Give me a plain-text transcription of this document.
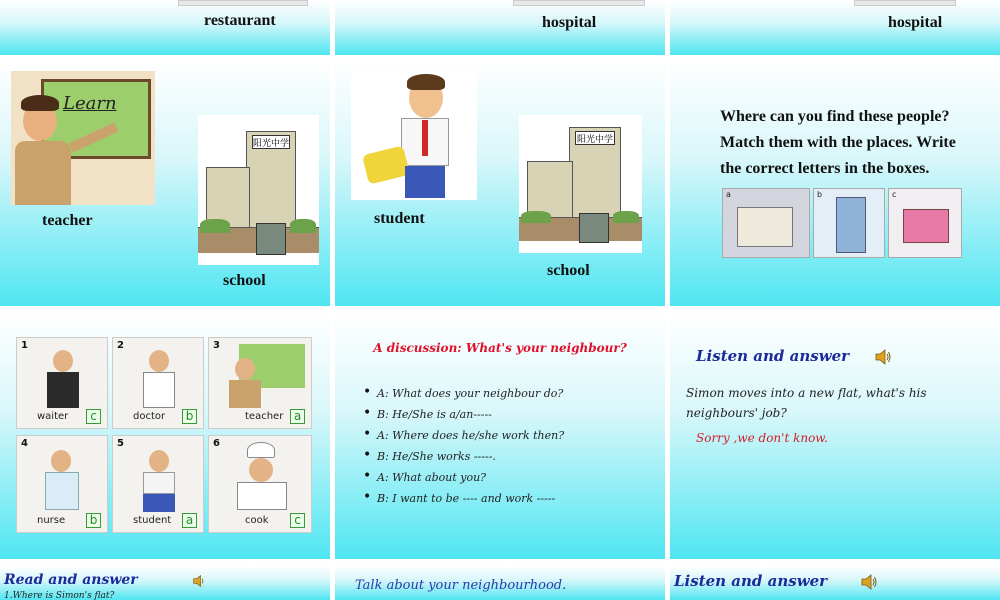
restaurant	hospital	hospital
Learn
teacher
阳光中学
school
student
阳光中学
school
Where can you find these people? Match them with the places. Write the correct letters in the boxes.
a	b	c
1
waiter	c
2
doctor	b
3
teacher a
4
nurse	b
5
student	a
6
cook	c
A discussion: What's your neighbour?
• A: What does your neighbour do?
• B: He/She is a/an-----
• A: Where does he/she work then?
• B: He/She works -----.
• A: What about you?
• B: I want to be ---- and work -----
Listen and answer
Simon moves into a new flat, what's his neighbours' job?
Sorry ,we don't know.
Read and answer
1.Where is Simon's flat?
Talk about your neighbourhood.	Listen and answer
